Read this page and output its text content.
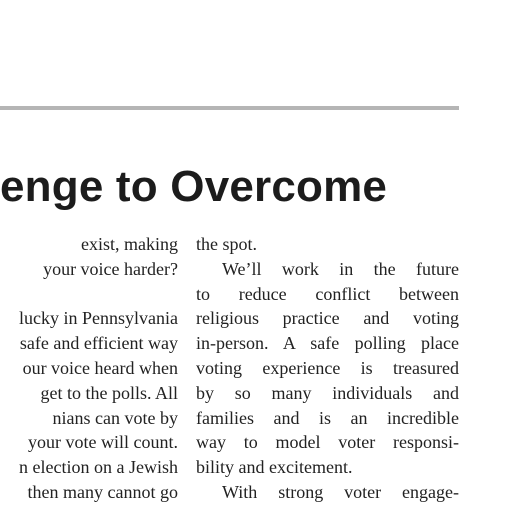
enge to Overcome
exist, making
your voice harder?
lucky in Pennsylvania
safe and efficient way
our voice heard when
get to the polls. All
nians can vote by
your vote will count.
n election on a Jewish
then many cannot go
the spot.
We’ll work in the future
to reduce conflict between
religious practice and voting
in-person. A safe polling place
voting experience is treasured
by so many individuals and
families and is an incredible
way to model voter responsi-
bility and excitement.
With strong voter engage-
